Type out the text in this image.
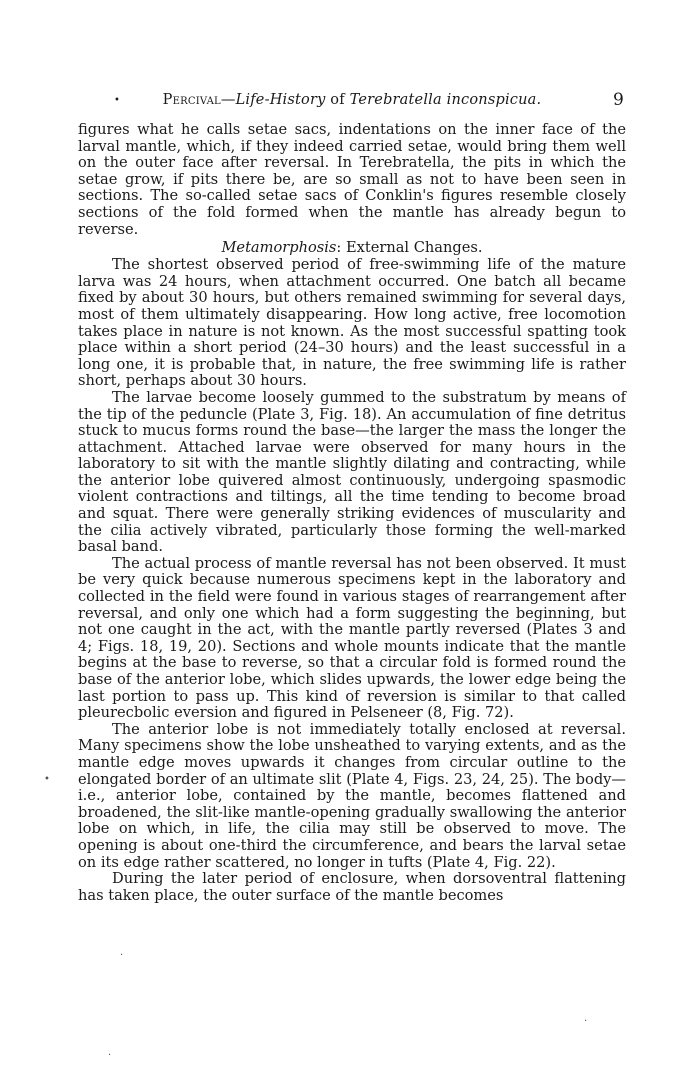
•
·
·
·
•	Percival—Life-History of Terebratella inconspicua.	9

figures what he calls setae sacs, indentations on the inner face of the larval mantle, which, if they indeed carried setae, would bring them well on the outer face after reversal. In Terebratella, the pits in which the setae grow, if pits there be, are so small as not to have been seen in sections. The so-called setae sacs of Conklin's figures resemble closely sections of the fold formed when the mantle has already begun to reverse.

Metamorphosis: External Changes.

The shortest observed period of free-swimming life of the mature larva was 24 hours, when attachment occurred. One batch all became fixed by about 30 hours, but others remained swimming for several days, most of them ultimately disappearing. How long active, free locomotion takes place in nature is not known. As the most successful spatting took place within a short period (24–30 hours) and the least successful in a long one, it is probable that, in nature, the free swimming life is rather short, perhaps about 30 hours.

The larvae become loosely gummed to the substratum by means of the tip of the peduncle (Plate 3, Fig. 18). An accumulation of fine detritus stuck to mucus forms round the base—the larger the mass the longer the attachment. Attached larvae were observed for many hours in the laboratory to sit with the mantle slightly dilating and contracting, while the anterior lobe quivered almost continuously, undergoing spasmodic violent contractions and tiltings, all the time tending to become broad and squat. There were generally striking evidences of muscularity and the cilia actively vibrated, particularly those forming the well-marked basal band.

The actual process of mantle reversal has not been observed. It must be very quick because numerous specimens kept in the laboratory and collected in the field were found in various stages of rearrangement after reversal, and only one which had a form suggesting the beginning, but not one caught in the act, with the mantle partly reversed (Plates 3 and 4; Figs. 18, 19, 20). Sections and whole mounts indicate that the mantle begins at the base to reverse, so that a circular fold is formed round the base of the anterior lobe, which slides upwards, the lower edge being the last portion to pass up. This kind of reversion is similar to that called pleurecbolic eversion and figured in Pelseneer (8, Fig. 72).

The anterior lobe is not immediately totally enclosed at reversal. Many specimens show the lobe unsheathed to varying extents, and as the mantle edge moves upwards it changes from circular outline to the elongated border of an ultimate slit (Plate 4, Figs. 23, 24, 25). The body—i.e., anterior lobe, contained by the mantle, becomes flattened and broadened, the slit-like mantle-opening gradually swallowing the anterior lobe on which, in life, the cilia may still be observed to move. The opening is about one-third the circumference, and bears the larval setae on its edge rather scattered, no longer in tufts (Plate 4, Fig. 22).

During the later period of enclosure, when dorsoventral flattening has taken place, the outer surface of the mantle becomes
